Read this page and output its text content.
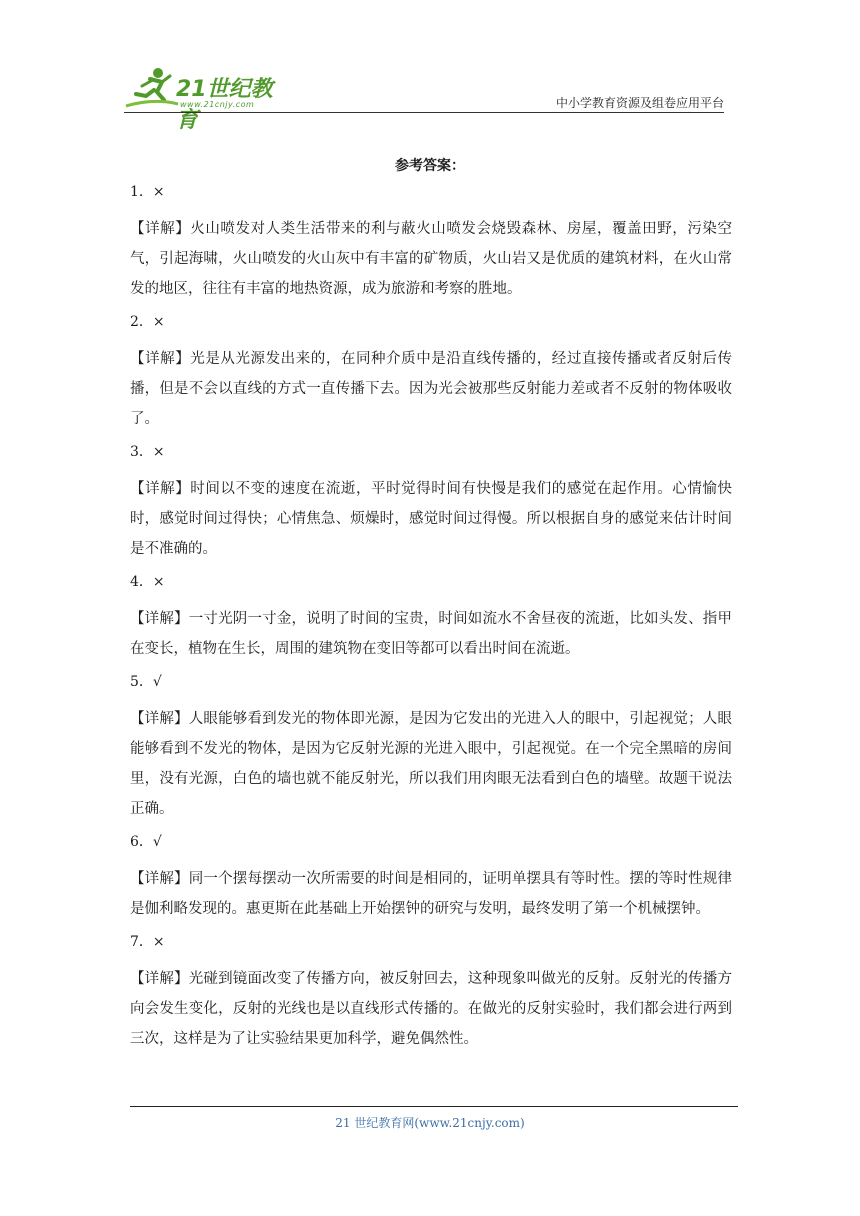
21世纪教育
www.21cnjy.com	中小学教育资源及组卷应用平台
参考答案：

1．×

【详解】火山喷发对人类生活带来的利与蔽火山喷发会烧毁森林、房屋，覆盖田野，污染空气，引起海啸，火山喷发的火山灰中有丰富的矿物质，火山岩又是优质的建筑材料，在火山常发的地区，往往有丰富的地热资源，成为旅游和考察的胜地。

2．×

【详解】光是从光源发出来的，在同种介质中是沿直线传播的，经过直接传播或者反射后传播，但是不会以直线的方式一直传播下去。因为光会被那些反射能力差或者不反射的物体吸收了。

3．×

【详解】时间以不变的速度在流逝，平时觉得时间有快慢是我们的感觉在起作用。心情愉快时，感觉时间过得快；心情焦急、烦燥时，感觉时间过得慢。所以根据自身的感觉来估计时间是不准确的。

4．×

【详解】一寸光阴一寸金，说明了时间的宝贵，时间如流水不舍昼夜的流逝，比如头发、指甲在变长，植物在生长，周围的建筑物在变旧等都可以看出时间在流逝。

5．√

【详解】人眼能够看到发光的物体即光源，是因为它发出的光进入人的眼中，引起视觉；人眼能够看到不发光的物体，是因为它反射光源的光进入眼中，引起视觉。在一个完全黑暗的房间里，没有光源，白色的墙也就不能反射光，所以我们用肉眼无法看到白色的墙壁。故题干说法正确。

6．√

【详解】同一个摆每摆动一次所需要的时间是相同的，证明单摆具有等时性。摆的等时性规律是伽利略发现的。惠更斯在此基础上开始摆钟的研究与发明，最终发明了第一个机械摆钟。

7．×

【详解】光碰到镜面改变了传播方向，被反射回去，这种现象叫做光的反射。反射光的传播方向会发生变化，反射的光线也是以直线形式传播的。在做光的反射实验时，我们都会进行两到三次，这样是为了让实验结果更加科学，避免偶然性。

21 世纪教育网(www.21cnjy.com)
